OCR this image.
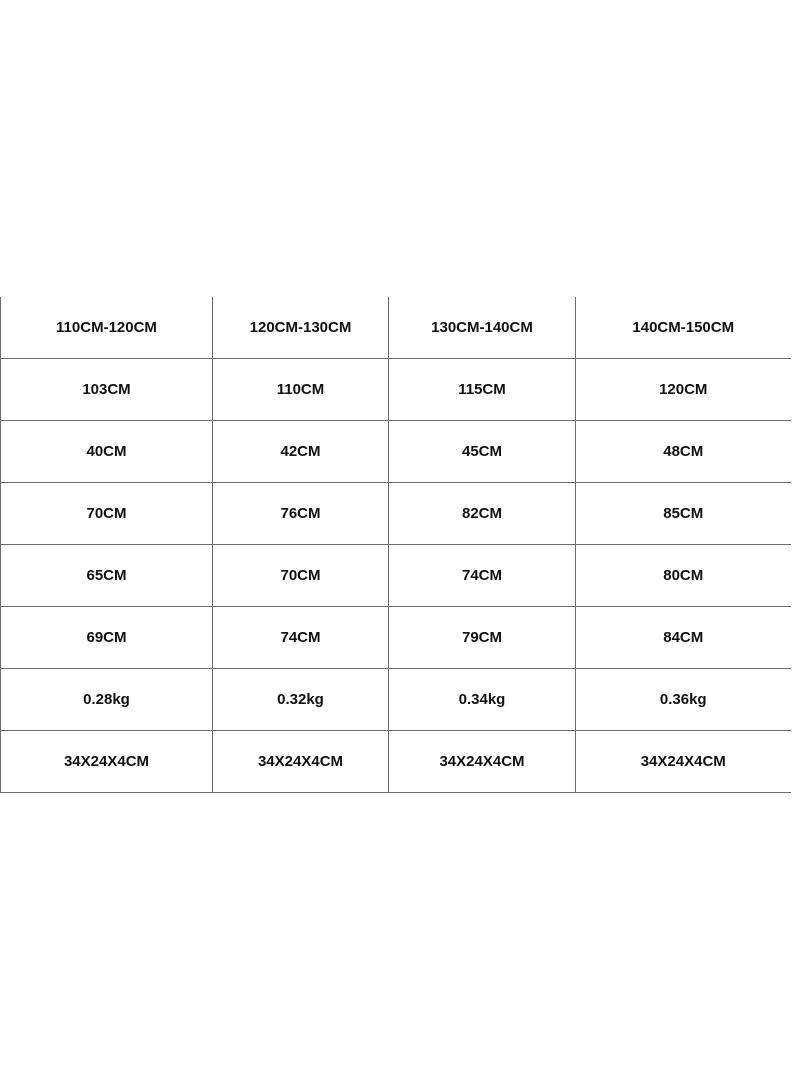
110CM-120CM	120CM-130CM	130CM-140CM	140CM-150CM
103CM	110CM	115CM	120CM
40CM	42CM	45CM	48CM
70CM	76CM	82CM	85CM
65CM	70CM	74CM	80CM
69CM	74CM	79CM	84CM
0.28kg	0.32kg	0.34kg	0.36kg
34X24X4CM	34X24X4CM	34X24X4CM	34X24X4CM
